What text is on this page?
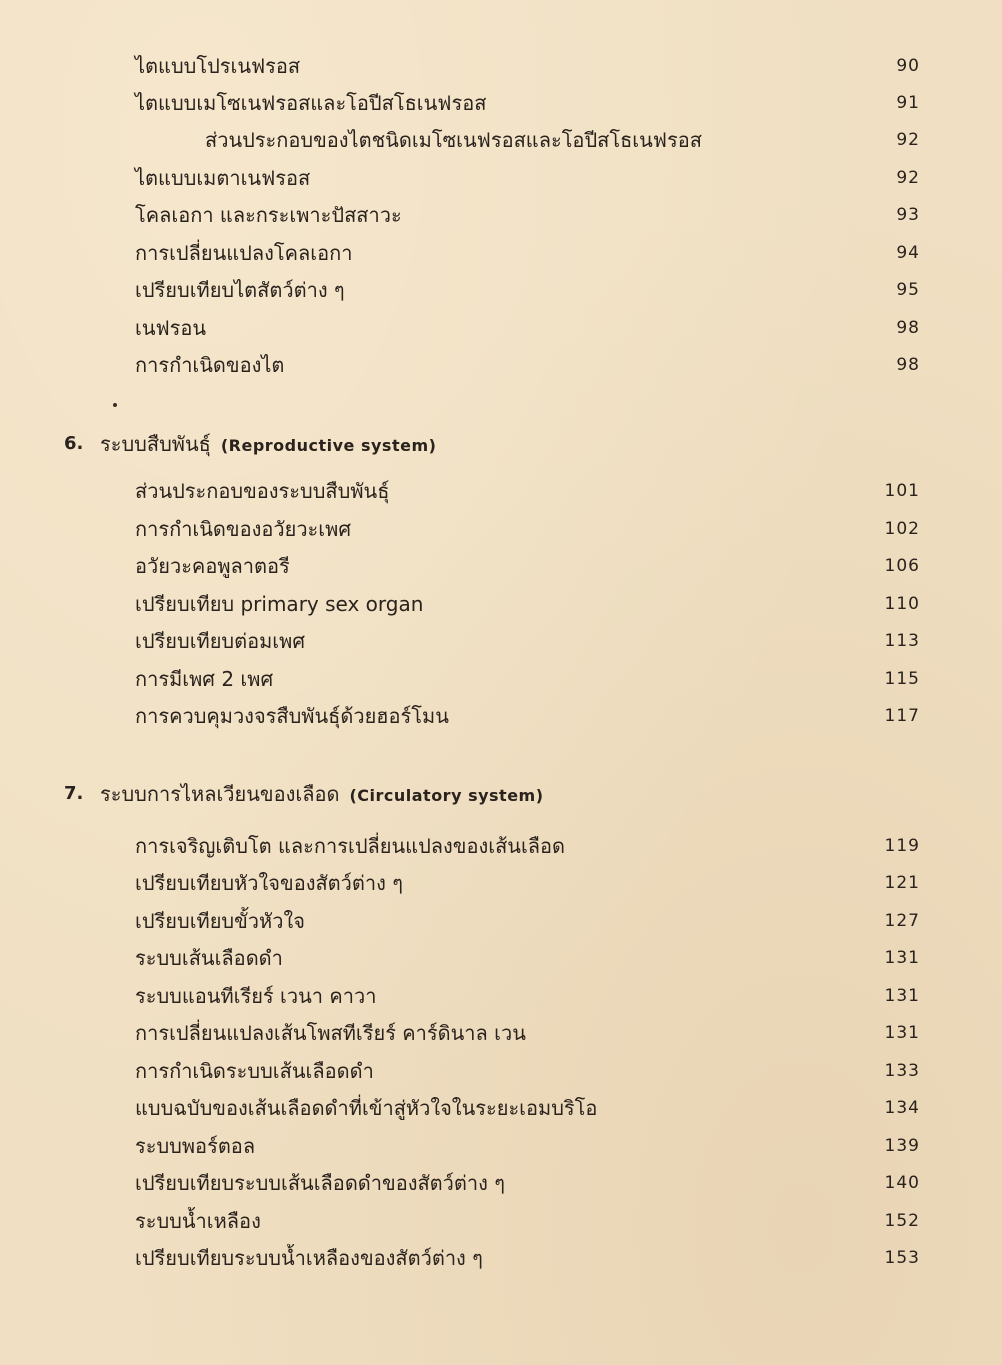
ไตแบบโปรเนฟรอส	90
ไตแบบเมโซเนฟรอสและโอปีสโธเนฟรอส	91
ส่วนประกอบของไตชนิดเมโซเนฟรอสและโอปีสโธเนฟรอส	92
ไตแบบเมตาเนฟรอส	92
โคลเอกา และกระเพาะปัสสาวะ	93
การเปลี่ยนแปลงโคลเอกา	94
เปรียบเทียบไตสัตว์ต่าง ๆ	95
เนฟรอน	98
การกำเนิดของไต	98
6. ระบบสืบพันธุ์ (Reproductive system)
ส่วนประกอบของระบบสืบพันธุ์	101
การกำเนิดของอวัยวะเพศ	102
อวัยวะคอพูลาตอรี	106
เปรียบเทียบ primary sex organ	110
เปรียบเทียบต่อมเพศ	113
การมีเพศ 2 เพศ	115
การควบคุมวงจรสืบพันธุ์ด้วยฮอร์โมน	117
7. ระบบการไหลเวียนของเลือด (Circulatory system)
การเจริญเติบโต และการเปลี่ยนแปลงของเส้นเลือด	119
เปรียบเทียบหัวใจของสัตว์ต่าง ๆ	121
เปรียบเทียบขั้วหัวใจ	127
ระบบเส้นเลือดดำ	131
ระบบแอนทีเรียร์ เวนา คาวา	131
การเปลี่ยนแปลงเส้นโพสทีเรียร์ คาร์ดินาล เวน	131
การกำเนิดระบบเส้นเลือดดำ	133
แบบฉบับของเส้นเลือดดำที่เข้าสู่หัวใจในระยะเอมบริโอ	134
ระบบพอร์ตอล	139
เปรียบเทียบระบบเส้นเลือดดำของสัตว์ต่าง ๆ	140
ระบบน้ำเหลือง	152
เปรียบเทียบระบบน้ำเหลืองของสัตว์ต่าง ๆ	153
